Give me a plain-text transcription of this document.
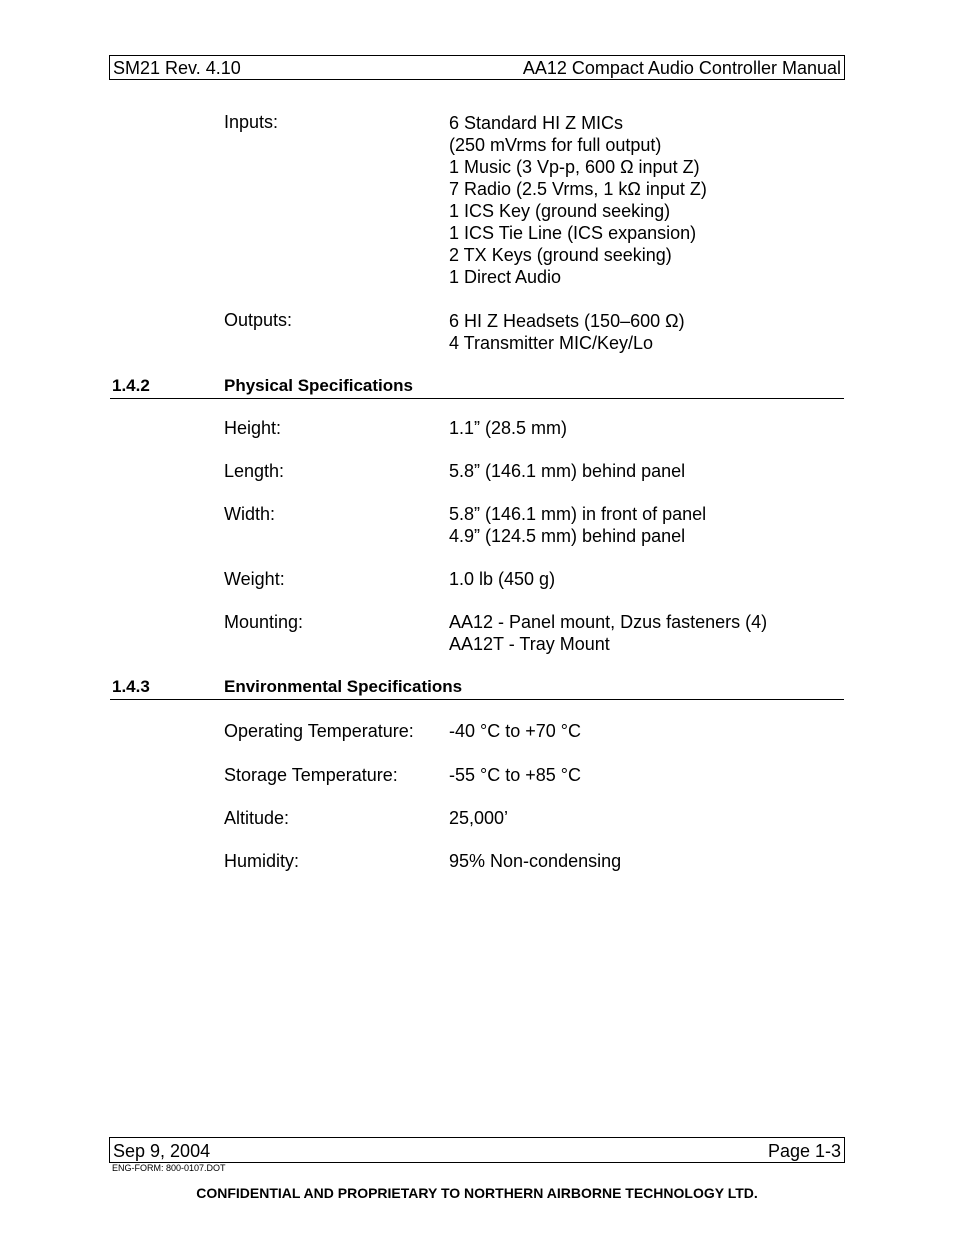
SM21 Rev. 4.10	AA12 Compact Audio Controller Manual
Inputs:	6 Standard HI Z MICs
(250 mVrms for full output)
1 Music (3 Vp-p, 600 Ω input Z)
7 Radio (2.5 Vrms, 1 kΩ input Z)
1 ICS Key (ground seeking)
1 ICS Tie Line (ICS expansion)
2 TX Keys (ground seeking)
1 Direct Audio
Outputs:	6 HI Z Headsets (150–600 Ω)
4 Transmitter MIC/Key/Lo
1.4.2	Physical Specifications
Height:	1.1” (28.5 mm)
Length:	5.8” (146.1 mm) behind panel
Width:	5.8” (146.1 mm) in front of panel
4.9” (124.5 mm) behind panel
Weight:	1.0 lb (450 g)
Mounting:	AA12 - Panel mount, Dzus fasteners (4)
AA12T - Tray Mount
1.4.3	Environmental Specifications
Operating Temperature: -40 °C to +70 °C
Storage Temperature:	-55 °C to +85 °C
Altitude:	25,000’
Humidity:	95% Non-condensing
Sep 9, 2004	Page 1-3
ENG-FORM: 800-0107.DOT
CONFIDENTIAL AND PROPRIETARY TO NORTHERN AIRBORNE TECHNOLOGY LTD.
